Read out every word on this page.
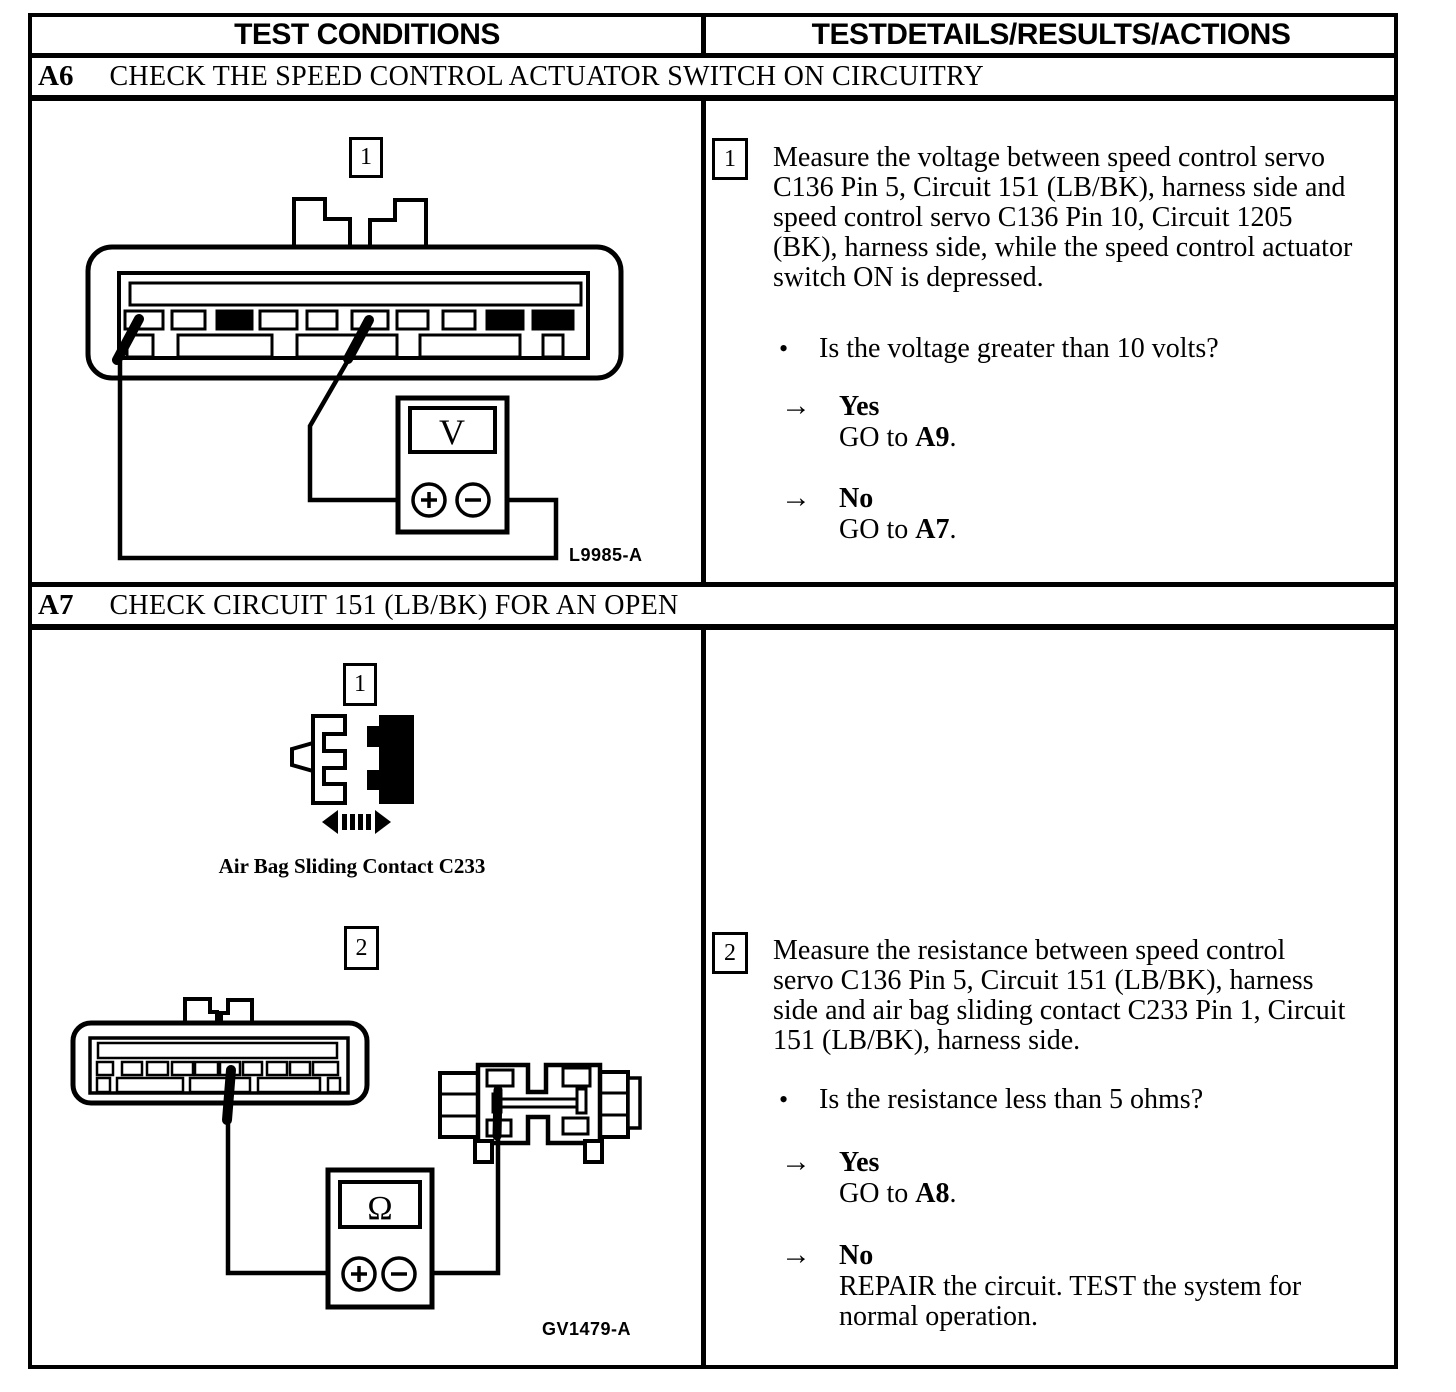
TEST CONDITIONS	TESTDETAILS/RESULTS/ACTIONS
A6 CHECK THE SPEED CONTROL ACTUATOR SWITCH ON CIRCUITRY
V
1
L9985-A
1 Measure the voltage between speed control servo
C136 Pin 5, Circuit 151 (LB/BK), harness side and
speed control servo C136 Pin 10, Circuit 1205
(BK), harness side, while the speed control actuator
switch ON is depressed.
• Is the voltage greater than 10 volts?
→ Yes
GO to A9.
→ No
GO to A7.
A7 CHECK CIRCUIT 151 (LB/BK) FOR AN OPEN
1
Air Bag Sliding Contact C233
Ω
2
GV1479-A
2 Measure the resistance between speed control
servo C136 Pin 5, Circuit 151 (LB/BK), harness
side and air bag sliding contact C233 Pin 1, Circuit
151 (LB/BK), harness side.
• Is the resistance less than 5 ohms?
→ Yes
GO to A8.
→ No
REPAIR the circuit. TEST the system for
normal operation.
